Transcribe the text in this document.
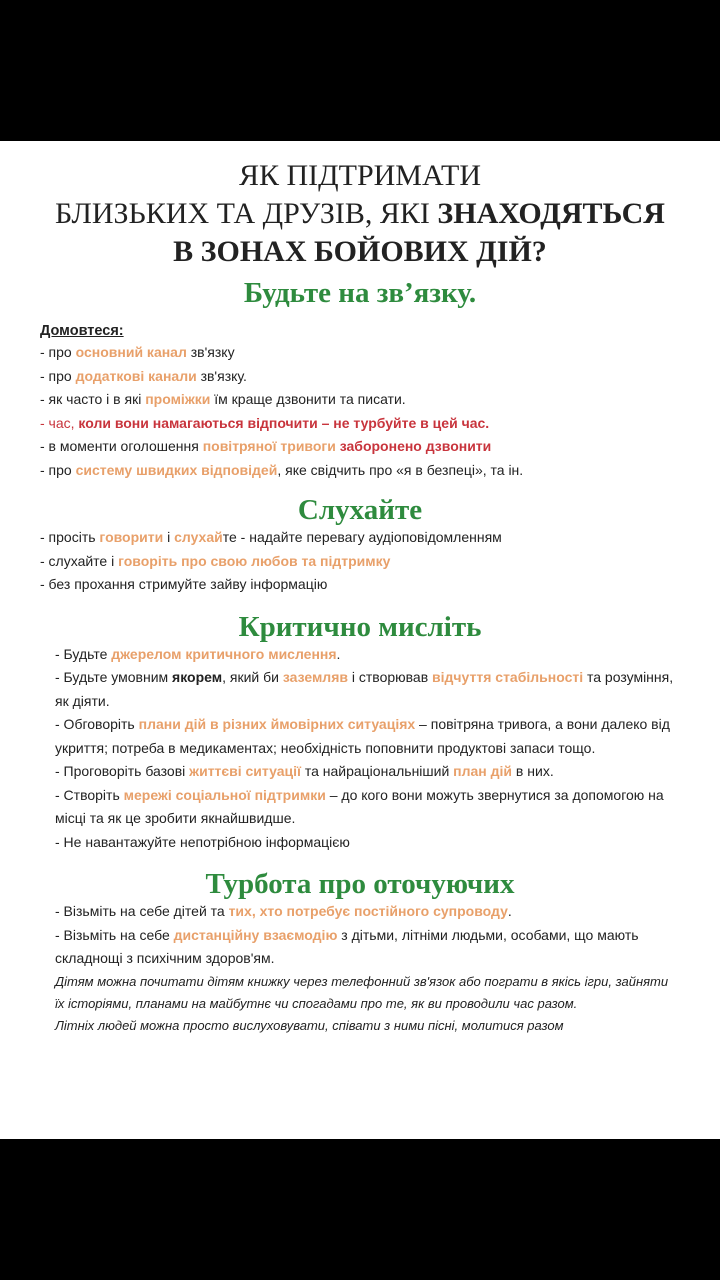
ЯК ПІДТРИМАТИ
БЛИЗЬКИХ ТА ДРУЗІВ, ЯКІ ЗНАХОДЯТЬСЯ
В ЗОНАХ БОЙОВИХ ДІЙ?
Будьте на зв’язку.
Домовтеся:
- про основний канал зв'язку
- про додаткові канали зв'язку.
- як часто і в які проміжки їм краще дзвонити та писати.
- час, коли вони намагаються відпочити – не турбуйте в цей час.
- в моменти оголошення повітряної тривоги заборонено дзвонити
- про систему швидких відповідей, яке свідчить про «я в безпеці», та ін.
Слухайте
- просіть говорити і слухайте - надайте перевагу аудіоповідомленням
- слухайте і говоріть про свою любов та підтримку
- без прохання стримуйте зайву інформацію
Критично мисліть
- Будьте джерелом критичного мислення.
- Будьте умовним якорем, який би заземляв і створював відчуття стабільності та розуміння, як діяти.
- Обговоріть плани дій в різних ймовірних ситуаціях – повітряна тривога, а вони далеко від укриття; потреба в медикаментах; необхідність поповнити продуктові запаси тощо.
- Проговоріть базові життєві ситуації та найраціональніший план дій в них.
- Створіть мережі соціальної підтримки – до кого вони можуть звернутися за допомогою на місці та як це зробити якнайшвидше.
- Не навантажуйте непотрібною інформацією
Турбота про оточуючих
- Візьміть на себе дітей та тих, хто потребує постійного супроводу.
- Візьміть на себе дистанційну взаємодію з дітьми, літніми людьми, особами, що мають складнощі з психічним здоров'ям.
Дітям можна почитати дітям книжку через телефонний зв'язок або пограти в якісь ігри, зайняти їх історіями, планами на майбутнє чи спогадами про те, як ви проводили час разом.
Літніх людей можна просто вислуховувати, співати з ними пісні, молитися разом
